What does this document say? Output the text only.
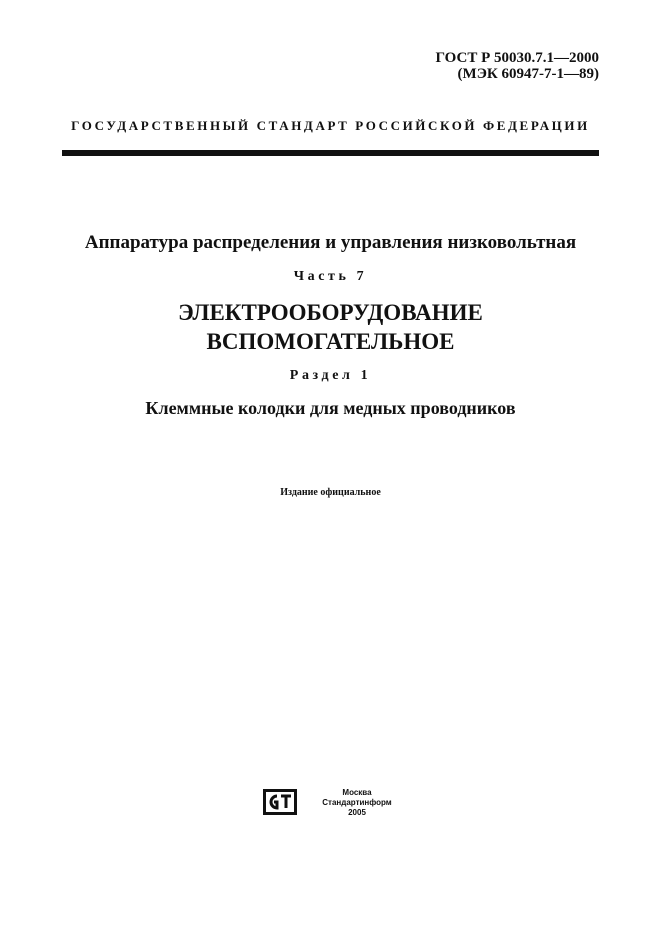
ГОСТ Р 50030.7.1—2000
(МЭК 60947-7-1—89)
ГОСУДАРСТВЕННЫЙ СТАНДАРТ РОССИЙСКОЙ ФЕДЕРАЦИИ
Аппаратура распределения и управления низковольтная
Часть 7
ЭЛЕКТРООБОРУДОВАНИЕ
ВСПОМОГАТЕЛЬНОЕ
Раздел 1
Клеммные колодки для медных проводников
Издание официальное
Москва
Стандартинформ
2005
